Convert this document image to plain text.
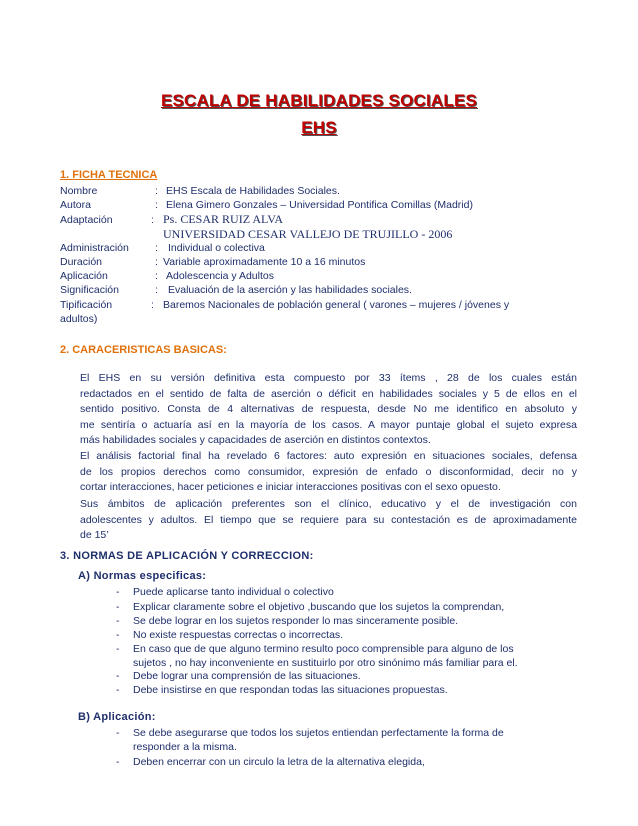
ESCALA DE HABILIDADES SOCIALES
EHS
1. FICHA TECNICA
Nombre	: EHS Escala de Habilidades Sociales.
Autora	: Elena Gimero Gonzales – Universidad Pontifica Comillas (Madrid)
Adaptación	: Ps. CESAR RUIZ ALVA
UNIVERSIDAD CESAR VALLEJO DE TRUJILLO - 2006
Administración : Individual o colectiva
Duración	: Variable aproximadamente 10 a 16 minutos
Aplicación	: Adolescencia y Adultos
Significación	: Evaluación de la aserción y las habilidades sociales.
Tipificación	: Baremos Nacionales de población general ( varones – mujeres / jóvenes y
adultos)
2. CARACERISTICAS BASICAS:
El EHS en su versión definitiva esta compuesto por 33 ítems , 28 de los cuales están
redactados en el sentido de falta de aserción o déficit en habilidades sociales y 5 de ellos en el
sentido positivo. Consta de 4 alternativas de respuesta, desde No me identifico en absoluto y
me sentiría o actuaría así en la mayoría de los casos. A mayor puntaje global el sujeto expresa
más habilidades sociales y capacidades de aserción en distintos contextos.
El análisis factorial final ha revelado 6 factores: auto expresión en situaciones sociales, defensa
de los propios derechos como consumidor, expresión de enfado o disconformidad, decir no y
cortar interacciones, hacer peticiones e iniciar interacciones positivas con el sexo opuesto.
Sus ámbitos de aplicación preferentes son el clínico, educativo y el de investigación con
adolescentes y adultos. El tiempo que se requiere para su contestación es de aproximadamente
de 15’
3. NORMAS DE APLICACIÓN Y CORRECCION:
A) Normas especificas:
- Puede aplicarse tanto individual o colectivo
- Explicar claramente sobre el objetivo ,buscando que los sujetos la comprendan,
- Se debe lograr en los sujetos responder lo mas sinceramente posible.
- No existe respuestas correctas o incorrectas.
- En caso que de que alguno termino resulto poco comprensible para alguno de los
sujetos , no hay inconveniente en sustituirlo por otro sinónimo más familiar para el.
- Debe lograr una comprensión de las situaciones.
- Debe insistirse en que respondan todas las situaciones propuestas.
B) Aplicación:
- Se debe asegurarse que todos los sujetos entiendan perfectamente la forma de
responder a la misma.
- Deben encerrar con un circulo la letra de la alternativa elegida,
